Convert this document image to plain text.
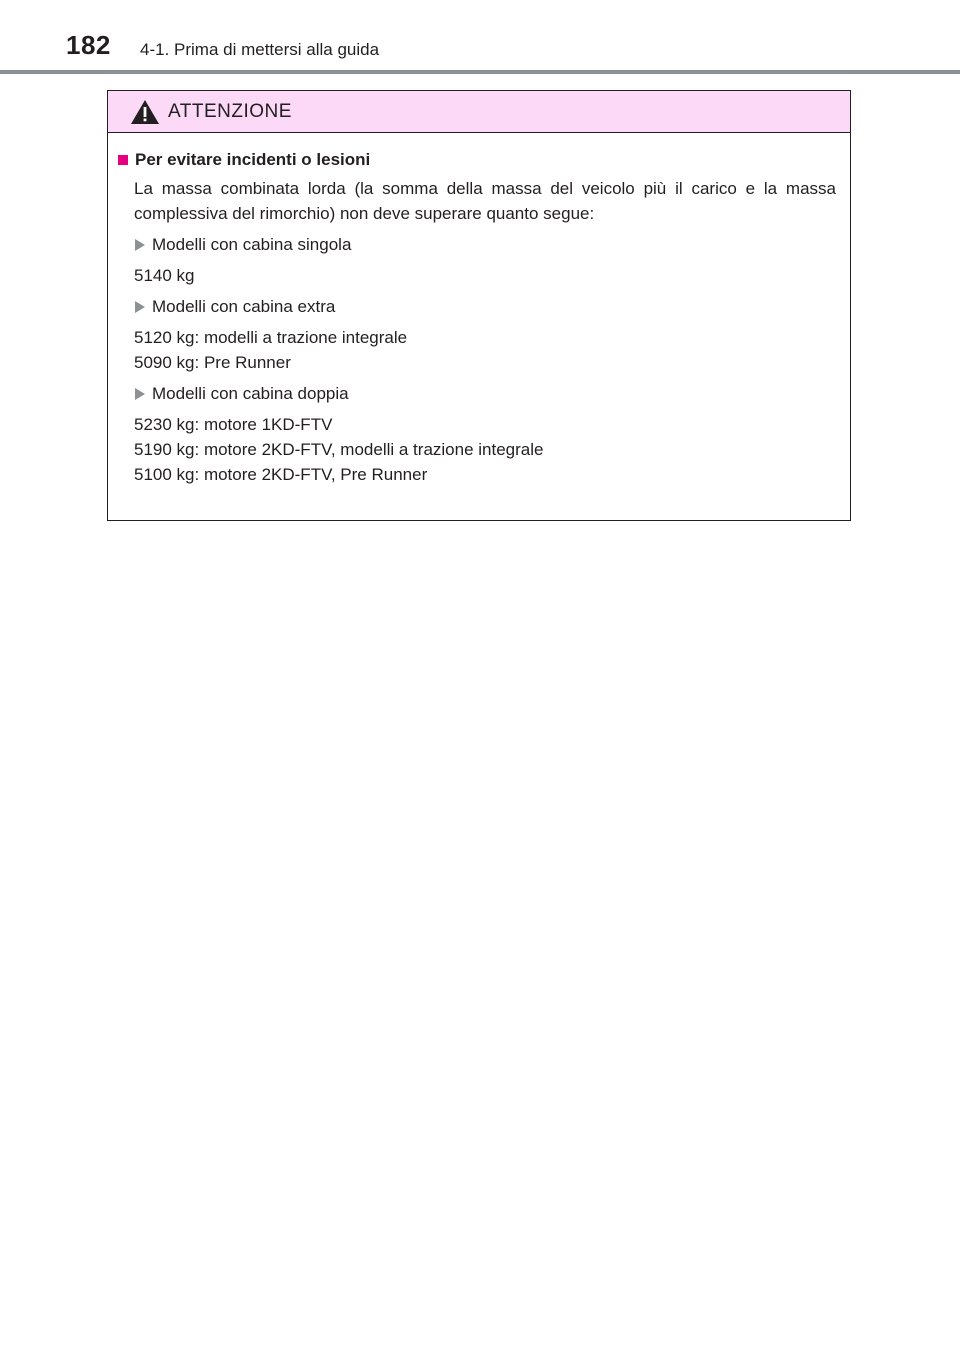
182 4-1. Prima di mettersi alla guida
ATTENZIONE
Per evitare incidenti o lesioni
La massa combinata lorda (la somma della massa del veicolo più il carico e la massa complessiva del rimorchio) non deve superare quanto segue:
Modelli con cabina singola
5140 kg
Modelli con cabina extra
5120 kg: modelli a trazione integrale
5090 kg: Pre Runner
Modelli con cabina doppia
5230 kg: motore 1KD-FTV
5190 kg: motore 2KD-FTV, modelli a trazione integrale
5100 kg: motore 2KD-FTV, Pre Runner
